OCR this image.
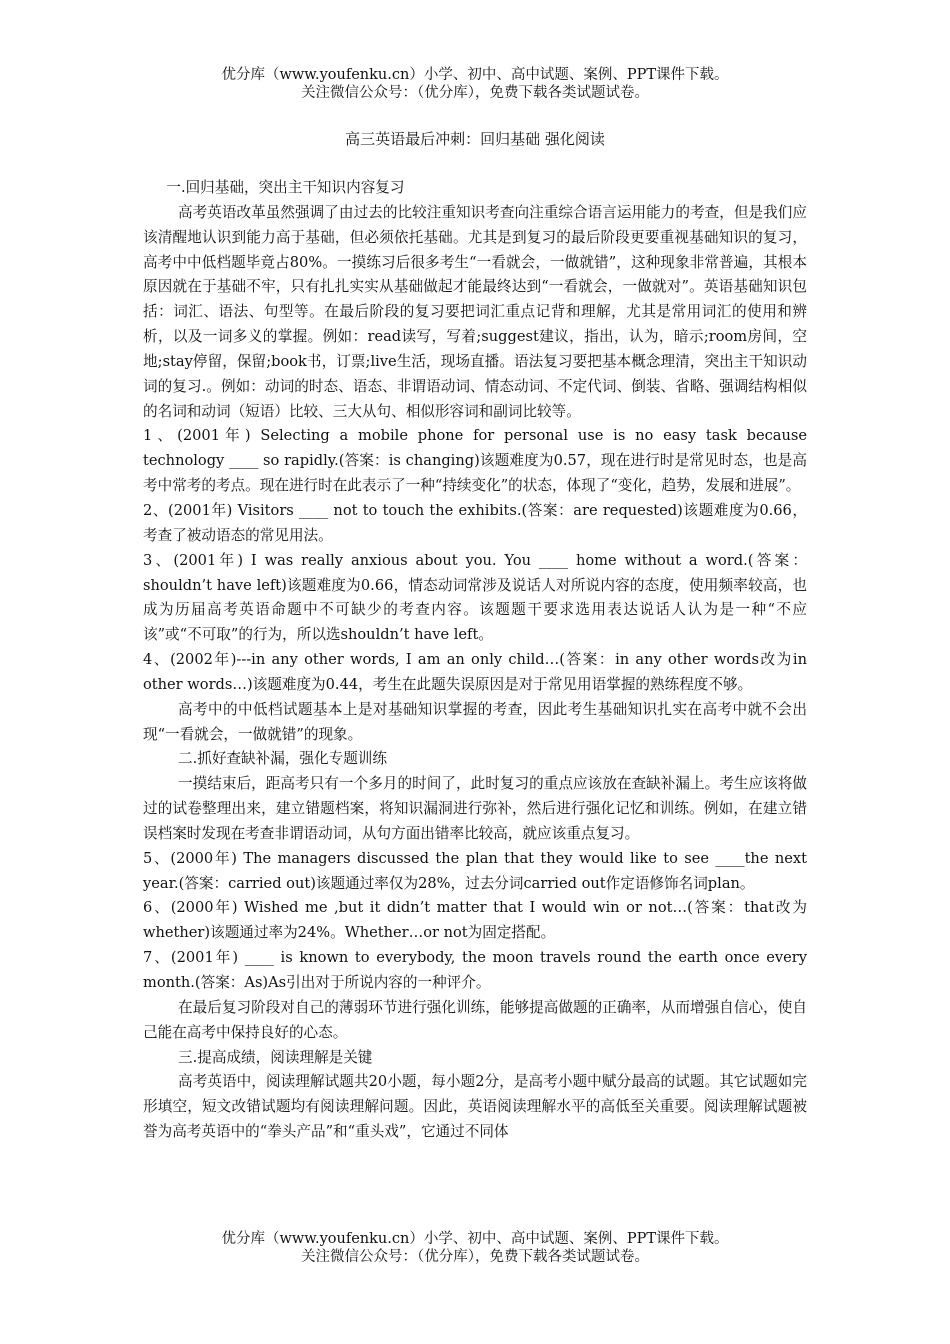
优分库（www.youfenku.cn）小学、初中、高中试题、案例、PPT课件下载。
关注微信公众号：（优分库），免费下载各类试题试卷。
高三英语最后冲刺：回归基础 强化阅读

一.回归基础，突出主干知识内容复习

高考英语改革虽然强调了由过去的比较注重知识考查向注重综合语言运用能力的考查，但是我们应该清醒地认识到能力高于基础，但必须依托基础。尤其是到复习的最后阶段更要重视基础知识的复习，高考中中低档题毕竟占80%。一摸练习后很多考生“一看就会，一做就错”，这种现象非常普遍，其根本原因就在于基础不牢，只有扎扎实实从基础做起才能最终达到“一看就会，一做就对”。英语基础知识包括：词汇、语法、句型等。在最后阶段的复习要把词汇重点记背和理解，尤其是常用词汇的使用和辨析，以及一词多义的掌握。例如：read读写，写着;suggest建议，指出，认为，暗示;room房间，空地;stay停留，保留;book书，订票;live生活，现场直播。语法复习要把基本概念理清，突出主干知识动词的复习.。例如：动词的时态、语态、非谓语动词、情态动词、不定代词、倒装、省略、强调结构相似的名词和动词（短语）比较、三大从句、相似形容词和副词比较等。

1、(2001年) Selecting a mobile phone for personal use is no easy task because technology ____ so rapidly.(答案：is changing)该题难度为0.57，现在进行时是常见时态，也是高考中常考的考点。现在进行时在此表示了一种“持续变化”的状态，体现了“变化，趋势，发展和进展”。

2、(2001年) Visitors ____ not to touch the exhibits.(答案：are requested)该题难度为0.66，考查了被动语态的常见用法。

3、(2001年) I was really anxious about you. You ____ home without a word.(答案：shouldn’t have left)该题难度为0.66，情态动词常涉及说话人对所说内容的态度，使用频率较高，也成为历届高考英语命题中不可缺少的考查内容。该题题干要求选用表达说话人认为是一种“不应该”或“不可取”的行为，所以选shouldn’t have left。

4、(2002年)---in any other words, I am an only child…(答案：in any other words改为in other words…)该题难度为0.44，考生在此题失误原因是对于常见用语掌握的熟练程度不够。

高考中的中低档试题基本上是对基础知识掌握的考查，因此考生基础知识扎实在高考中就不会出现“一看就会，一做就错”的现象。

二.抓好查缺补漏，强化专题训练

一摸结束后，距高考只有一个多月的时间了，此时复习的重点应该放在查缺补漏上。考生应该将做过的试卷整理出来，建立错题档案，将知识漏洞进行弥补，然后进行强化记忆和训练。例如，在建立错误档案时发现在考查非谓语动词，从句方面出错率比较高，就应该重点复习。

5、(2000年) The managers discussed the plan that they would like to see ____the next year.(答案：carried out)该题通过率仅为28%，过去分词carried out作定语修饰名词plan。

6、(2000年) Wished me ,but it didn’t matter that I would win or not…(答案：that改为whether)该题通过率为24%。Whether…or not为固定搭配。

7、(2001年) ____ is known to everybody, the moon travels round the earth once every month.(答案：As)As引出对于所说内容的一种评介。

在最后复习阶段对自己的薄弱环节进行强化训练，能够提高做题的正确率，从而增强自信心，使自己能在高考中保持良好的心态。

三.提高成绩，阅读理解是关键

高考英语中，阅读理解试题共20小题，每小题2分，是高考小题中赋分最高的试题。其它试题如完形填空，短文改错试题均有阅读理解问题。因此，英语阅读理解水平的高低至关重要。阅读理解试题被誉为高考英语中的“拳头产品”和“重头戏”，它通过不同体

优分库（www.youfenku.cn）小学、初中、高中试题、案例、PPT课件下载。
关注微信公众号：（优分库），免费下载各类试题试卷。
